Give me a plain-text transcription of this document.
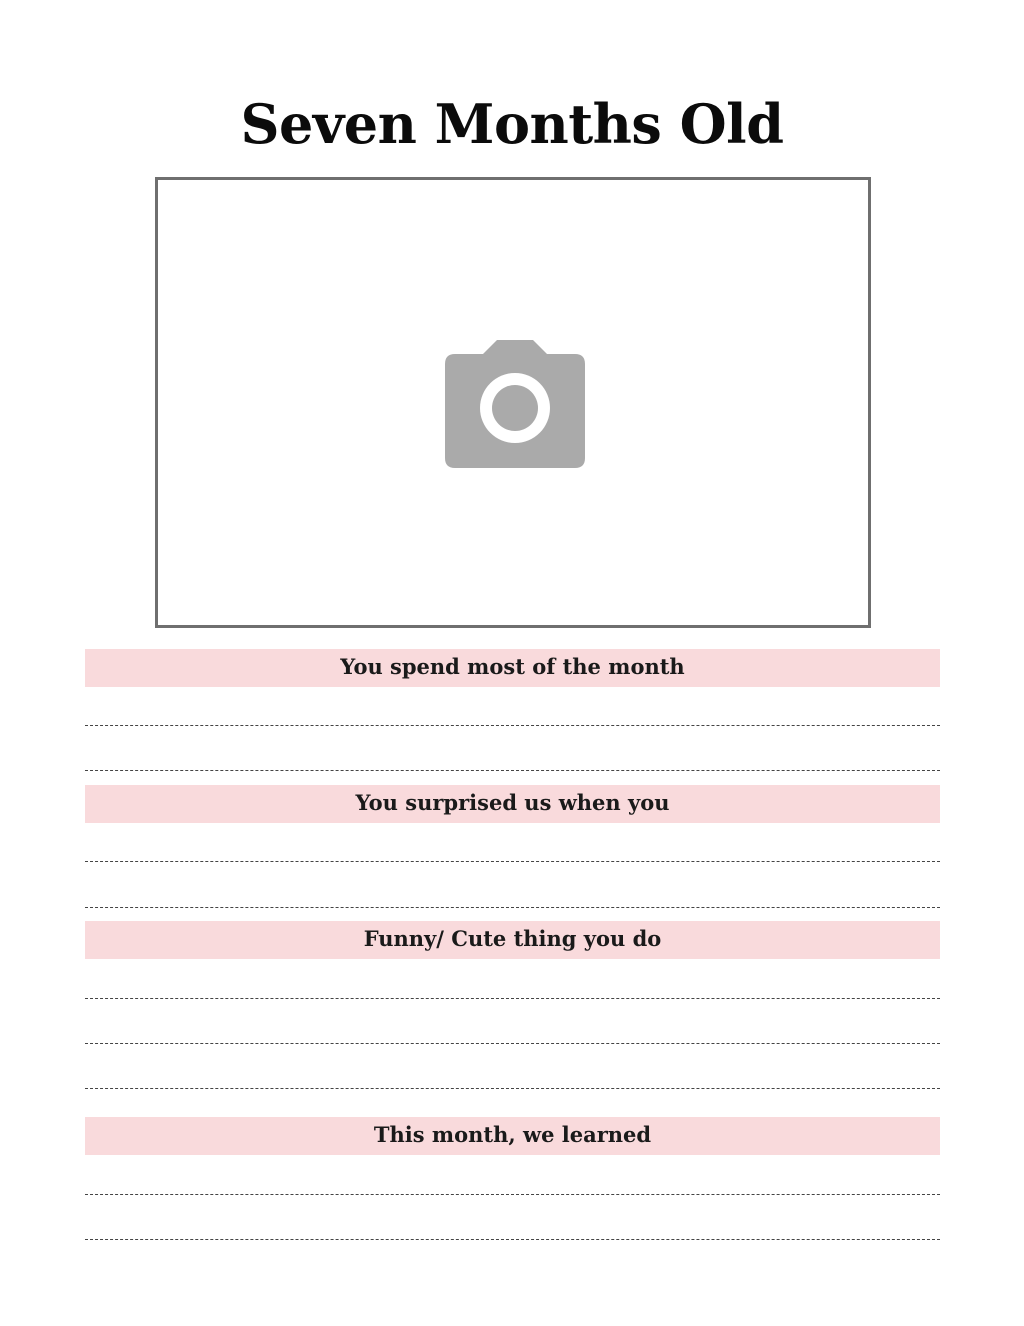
Seven Months Old
You spend most of the month
You surprised us when you
Funny/ Cute thing you do
This month, we learned
